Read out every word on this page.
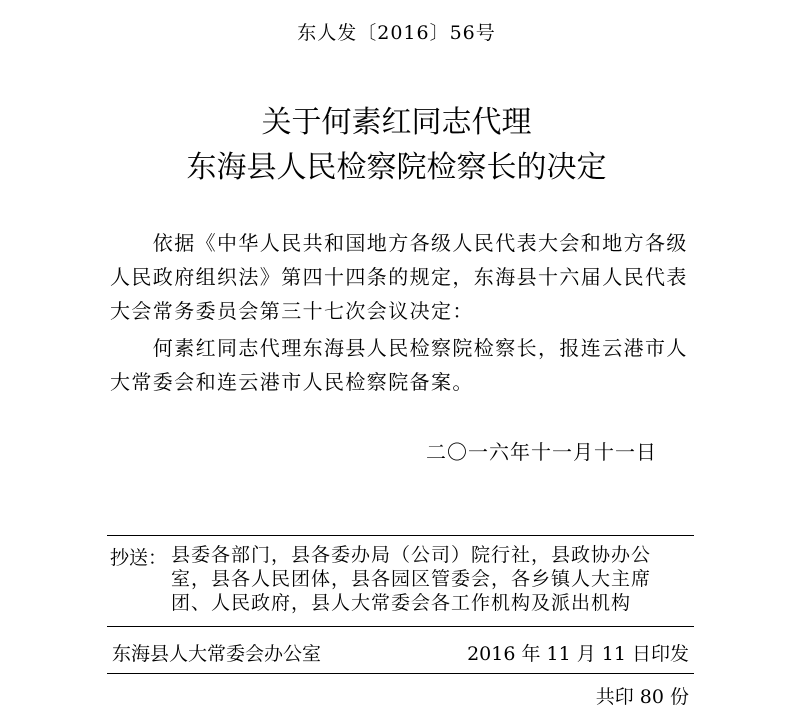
东人发〔2016〕56号
关于何素红同志代理
东海县人民检察院检察长的决定
　　依据《中华人民共和国地方各级人民代表大会和地方各级
人民政府组织法》第四十四条的规定，东海县十六届人民代表
大会常务委员会第三十七次会议决定：
　　何素红同志代理东海县人民检察院检察长，报连云港市人
大常委会和连云港市人民检察院备案。
二〇一六年十一月十一日
抄送： 县委各部门，县各委办局（公司）院行社，县政协办公
室，县各人民团体，县各园区管委会，各乡镇人大主席
团、人民政府，县人大常委会各工作机构及派出机构
东海县人大常委会办公室	2016 年 11 月 11 日印发
共印 80 份
